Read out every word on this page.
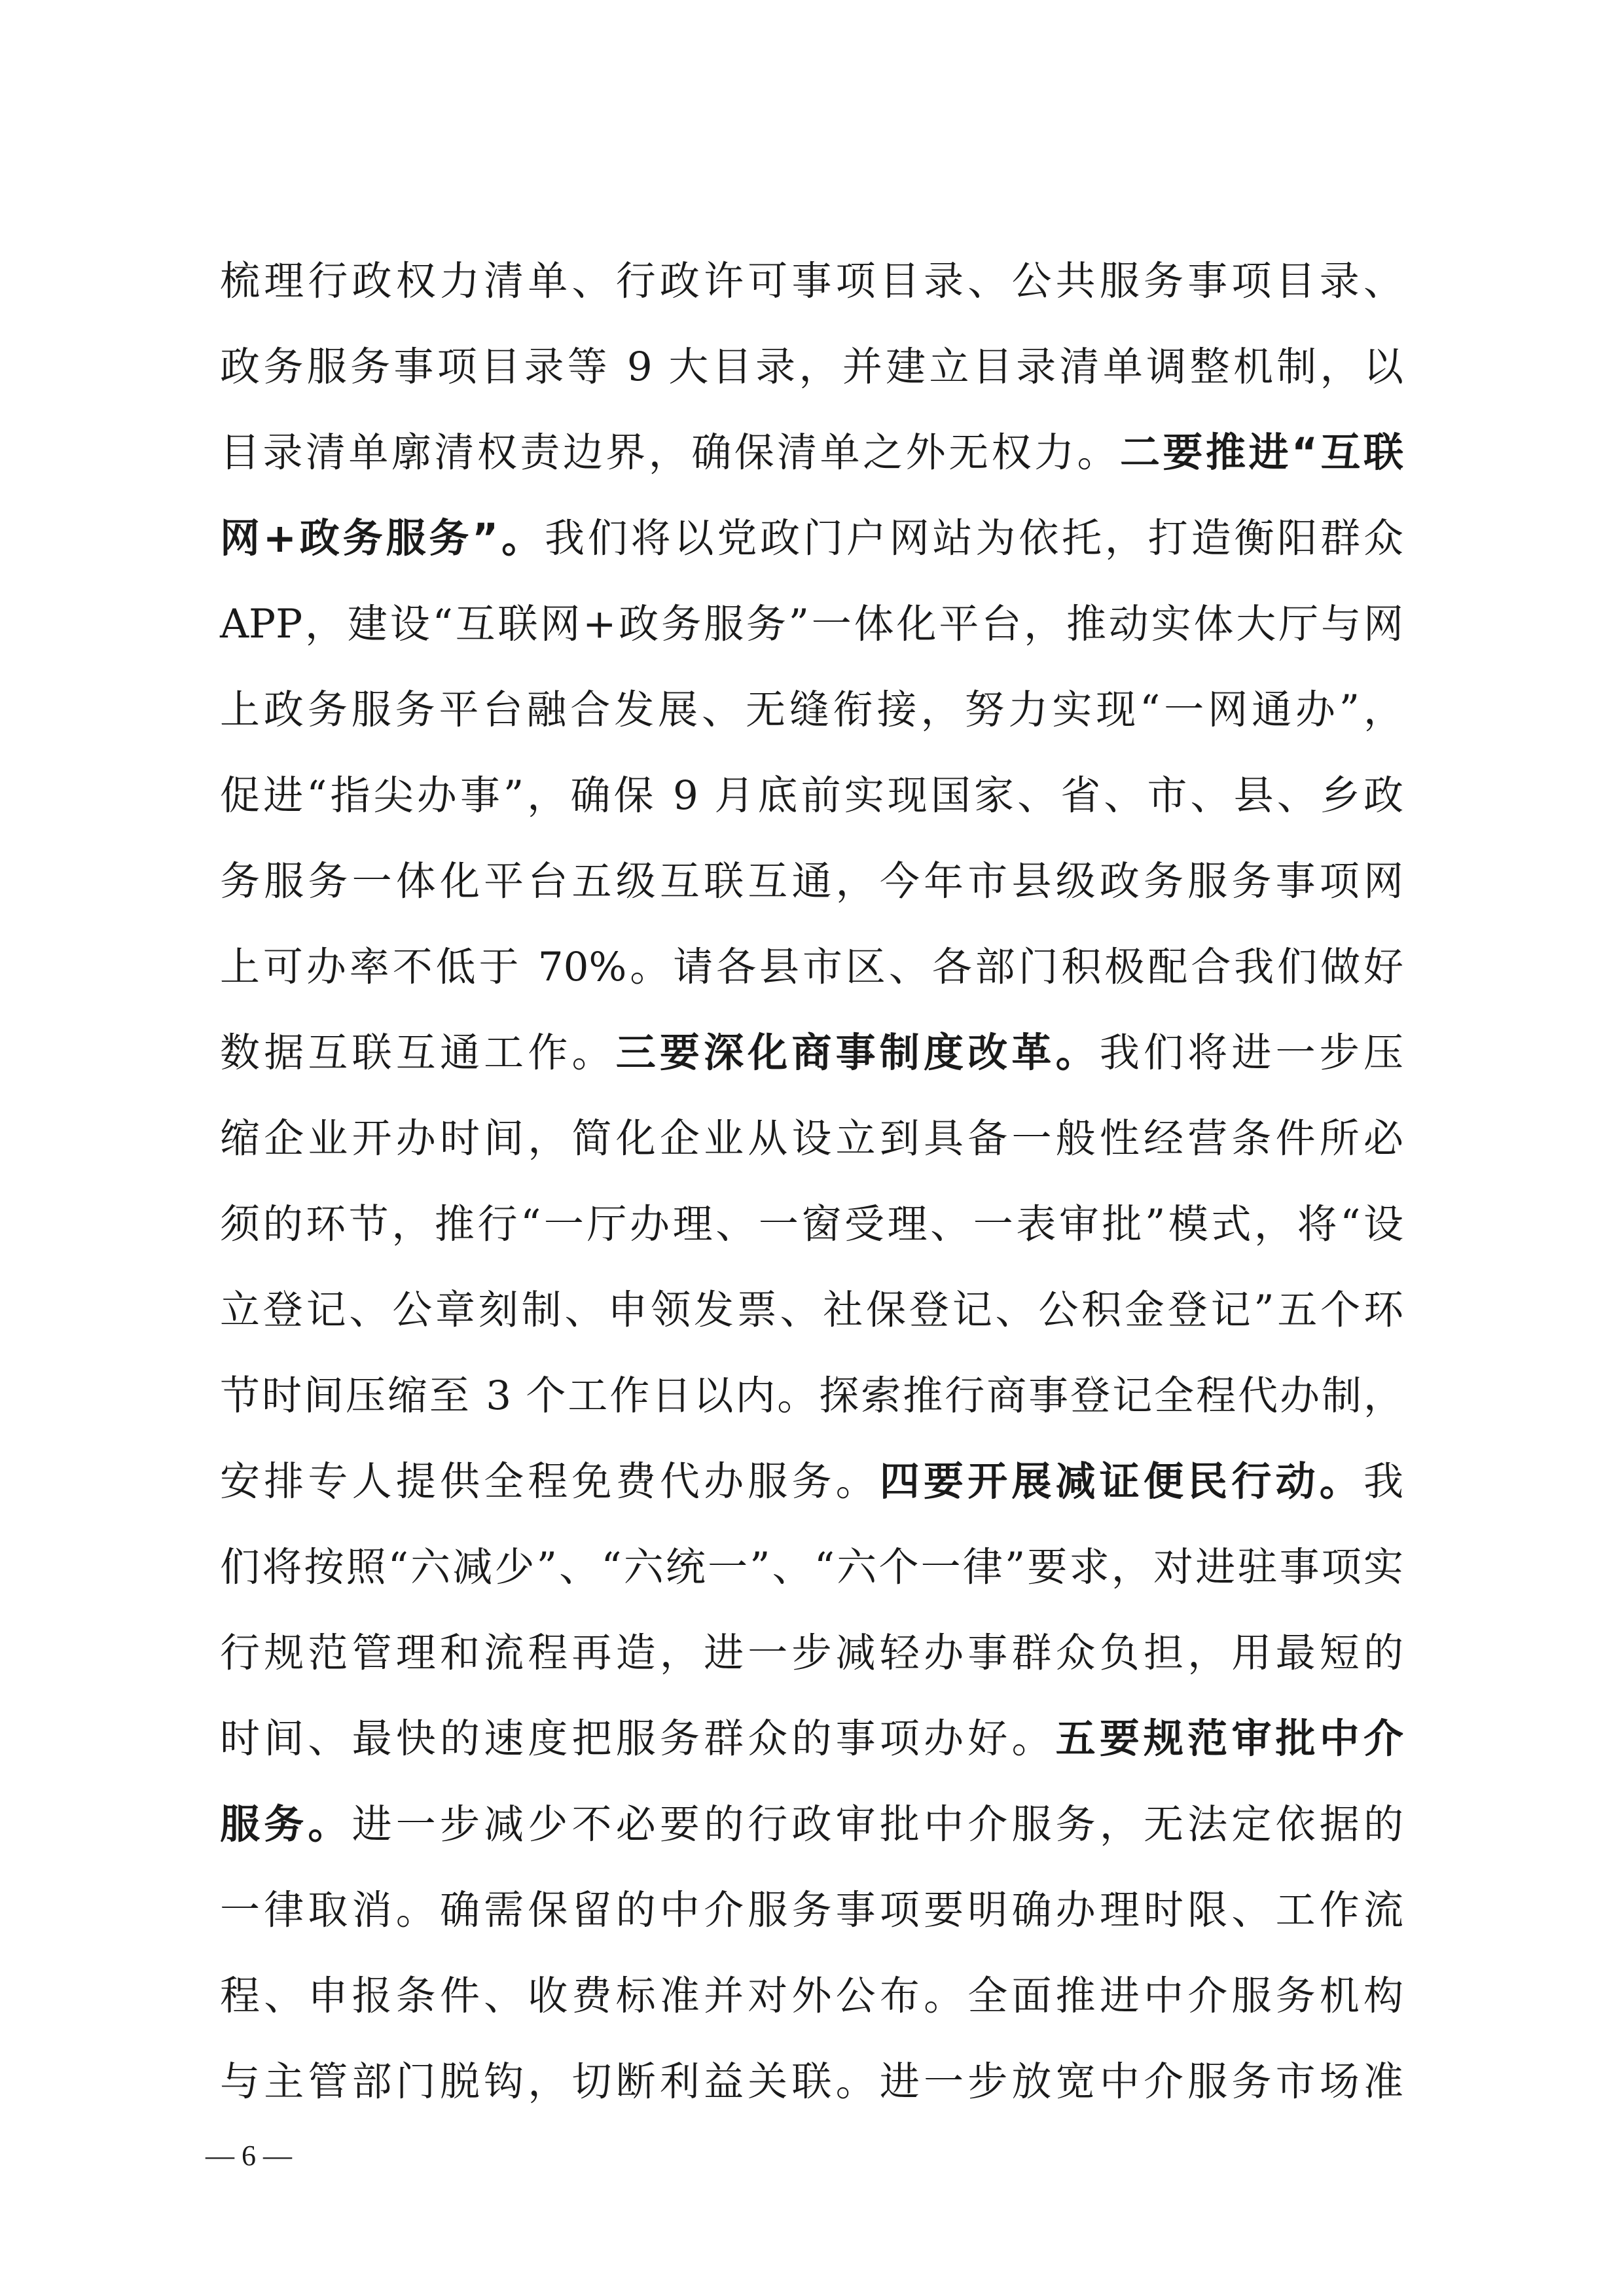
梳理行政权力清单、行政许可事项目录、公共服务事项目录、
政务服务事项目录等 9 大目录，并建立目录清单调整机制，以
目录清单廓清权责边界，确保清单之外无权力。二要推进“互联
网+政务服务”。我们将以党政门户网站为依托，打造衡阳群众
APP，建设“互联网+政务服务”一体化平台，推动实体大厅与网
上政务服务平台融合发展、无缝衔接，努力实现“一网通办”，
促进“指尖办事”，确保 9 月底前实现国家、省、市、县、乡政
务服务一体化平台五级互联互通，今年市县级政务服务事项网
上可办率不低于 70%。请各县市区、各部门积极配合我们做好
数据互联互通工作。三要深化商事制度改革。我们将进一步压
缩企业开办时间，简化企业从设立到具备一般性经营条件所必
须的环节，推行“一厅办理、一窗受理、一表审批”模式，将“设
立登记、公章刻制、申领发票、社保登记、公积金登记”五个环
节时间压缩至 3 个工作日以内。探索推行商事登记全程代办制，
安排专人提供全程免费代办服务。四要开展减证便民行动。我
们将按照“六减少”、“六统一”、“六个一律”要求，对进驻事项实
行规范管理和流程再造，进一步减轻办事群众负担，用最短的
时间、最快的速度把服务群众的事项办好。五要规范审批中介
服务。进一步减少不必要的行政审批中介服务，无法定依据的
一律取消。确需保留的中介服务事项要明确办理时限、工作流
程、申报条件、收费标准并对外公布。全面推进中介服务机构
与主管部门脱钩，切断利益关联。进一步放宽中介服务市场准
— 6 —
